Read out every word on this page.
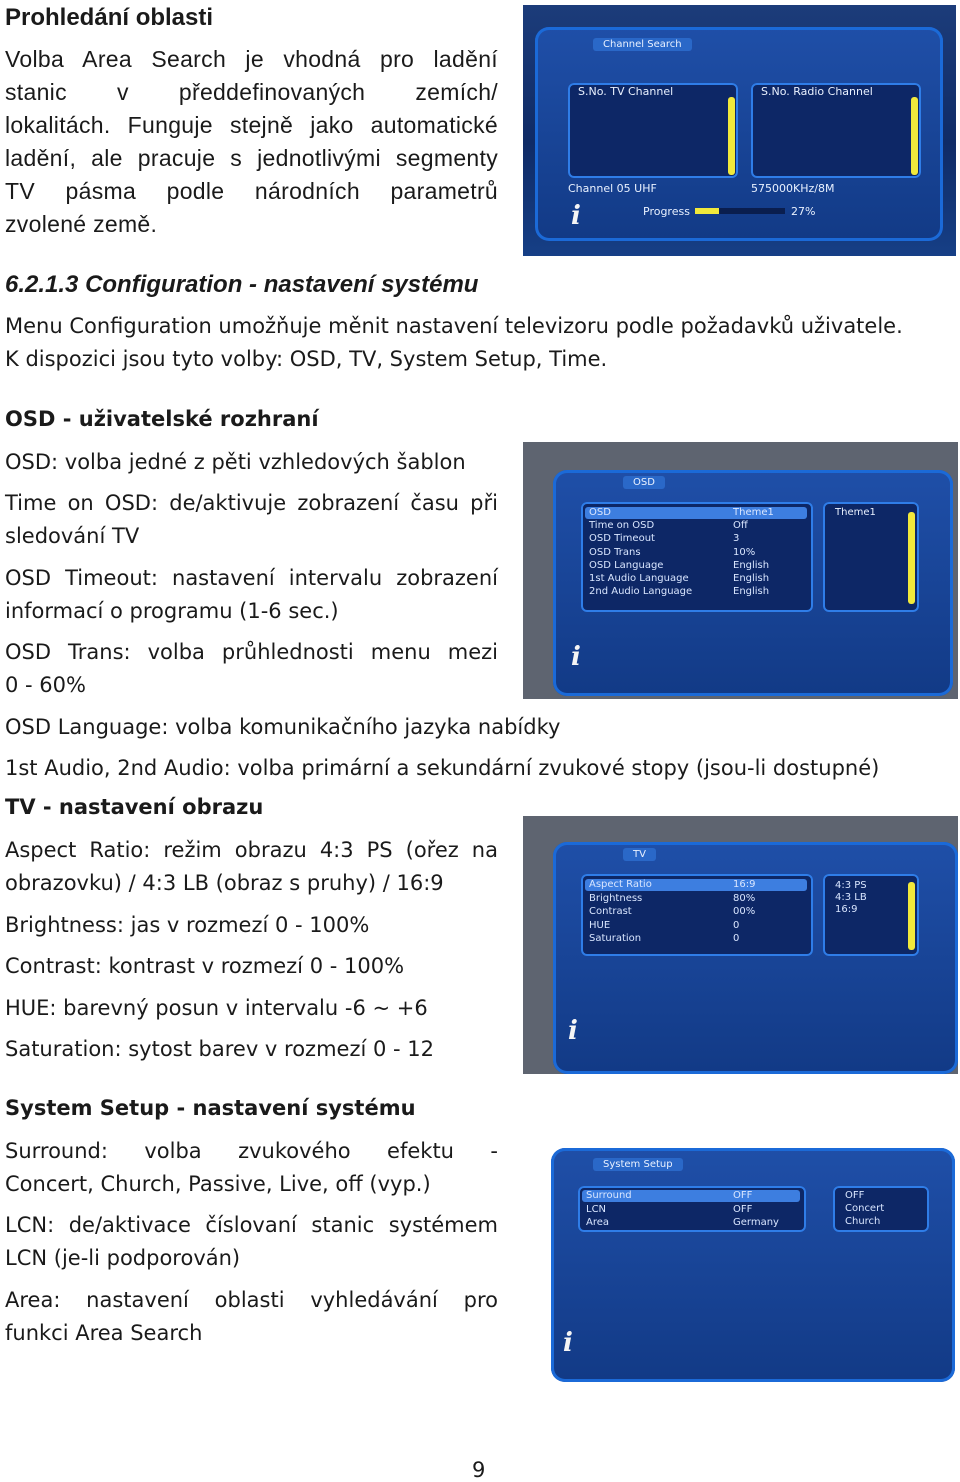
Prohledání oblasti
Volba Area Search je vhodná pro ladění
stanic v předdefinovaných zemích/
lokalitách. Funguje stejně jako automatické
ladění, ale pracuje s jednotlivými segmenty
TV pásma podle národních parametrů
zvolené země.
Channel Search
S.No. TV Channel	S.No. Radio Channel
Channel 05 UHF	575000KHz/8M
Progress	27%
i
6.2.1.3 Configuration - nastavení systému
Menu Configuration umožňuje měnit nastavení televizoru podle požadavků uživatele.
K dispozici jsou tyto volby: OSD, TV, System Setup, Time.
OSD - uživatelské rozhraní
OSD: volba jedné z pěti vzhledových šablon
Time on OSD: de/aktivuje zobrazení času při
sledování TV
OSD Timeout: nastavení intervalu zobrazení
informací o programu (1-6 sec.)
OSD Trans: volba průhlednosti menu mezi
0 - 60%
OSD Language: volba komunikačního jazyka nabídky
1st Audio, 2nd Audio: volba primární a sekundární zvukové stopy (jsou-li dostupné)
OSD
OSD	Theme1
Time on OSD	Off
OSD Timeout	3
OSD Trans	10%
OSD Language	English
1st Audio Language	English
2nd Audio Language	English
Theme1
i
TV - nastavení obrazu
Aspect Ratio: režim obrazu 4:3 PS (ořez na
obrazovku) / 4:3 LB (obraz s pruhy) / 16:9
Brightness: jas v rozmezí 0 - 100%
Contrast: kontrast v rozmezí 0 - 100%
HUE: barevný posun v intervalu -6 ~ +6
Saturation: sytost barev v rozmezí 0 - 12
TV
Aspect Ratio	16:9
Brightness	80%
Contrast	00%
HUE	0
Saturation	0
4:3 PS
4:3 LB
16:9
i
System Setup - nastavení systému
Surround: volba zvukového efektu -
Concert, Church, Passive, Live, off (vyp.)
LCN: de/aktivace číslovaní stanic systémem
LCN (je-li podporován)
Area: nastavení oblasti vyhledávání pro
funkci Area Search
System Setup
Surround	OFF
LCN	OFF
Area	Germany
OFF
Concert
Church
i
9
